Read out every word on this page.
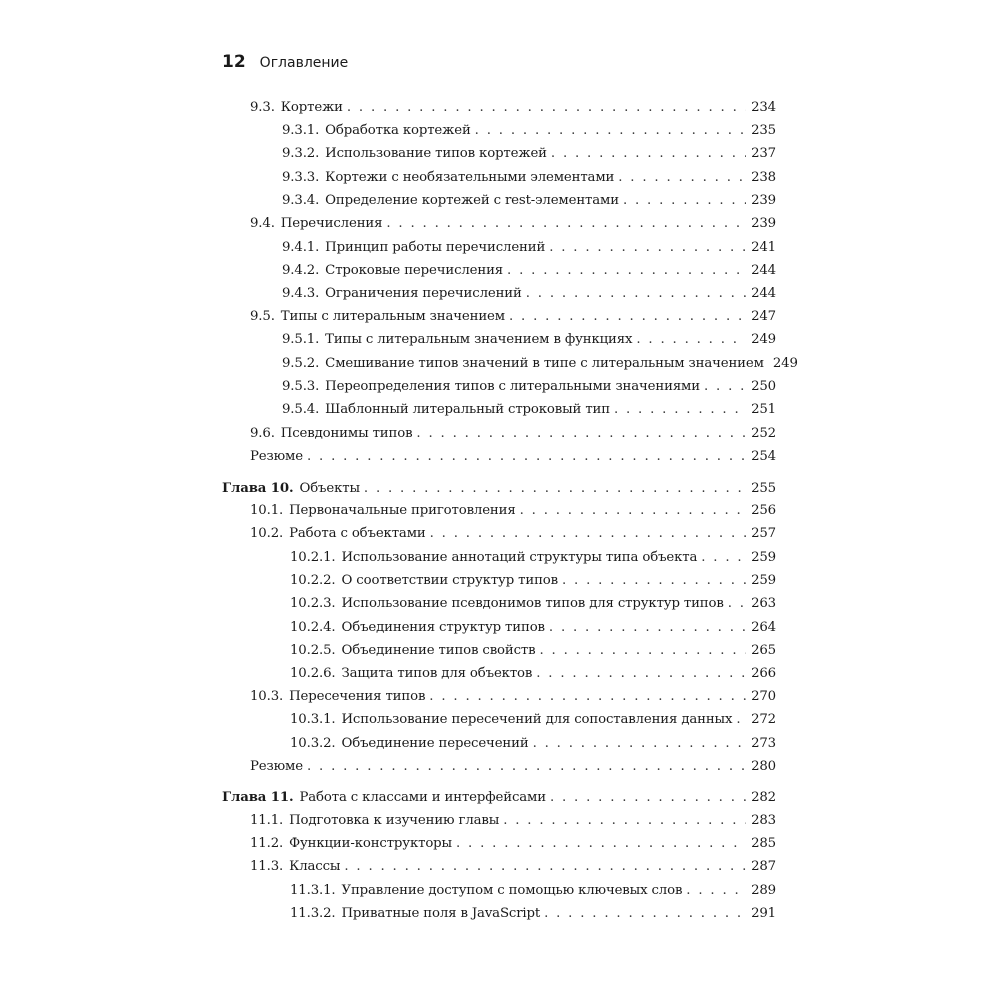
12 Оглавление
9.3. Кортежи . . .	234
9.3.1. Обработка кортежей . . .	235
9.3.2. Использование типов кортежей . . .	237
9.3.3. Кортежи с необязательными элементами . . .	238
9.3.4. Определение кортежей с rest-элементами . . .	239
9.4. Перечисления . . .	239
9.4.1. Принцип работы перечислений . . .	241
9.4.2. Строковые перечисления . . .	244
9.4.3. Ограничения перечислений . . .	244
9.5. Типы с литеральным значением . . .	247
9.5.1. Типы с литеральным значением в функциях . . .	249
9.5.2. Смешивание типов значений в типе с литеральным значением 249
9.5.3. Переопределения типов с литеральными значениями . . .	250
9.5.4. Шаблонный литеральный строковый тип . . .	251
9.6. Псевдонимы типов . . .	252
Резюме . . .	254
Глава 10. Объекты . . .	255
10.1. Первоначальные приготовления . . .	256
10.2. Работа с объектами . . .	257
10.2.1. Использование аннотаций структуры типа объекта . . .	259
10.2.2. О соответствии структур типов . . .	259
10.2.3. Использование псевдонимов типов для структур типов . . . 263
10.2.4. Объединения структур типов . . .	264
10.2.5. Объединение типов свойств . . .	265
10.2.6. Защита типов для объектов . . .	266
10.3. Пересечения типов . . .	270
10.3.1. Использование пересечений для сопоставления данных . . . 272
10.3.2. Объединение пересечений . . .	273
Резюме . . .	280
Глава 11. Работа с классами и интерфейсами . . .	282
11.1. Подготовка к изучению главы . . .	283
11.2. Функции-конструкторы . . .	285
11.3. Классы . . .	287
11.3.1. Управление доступом с помощью ключевых слов . . .	289
11.3.2. Приватные поля в JavaScript . . .	291
